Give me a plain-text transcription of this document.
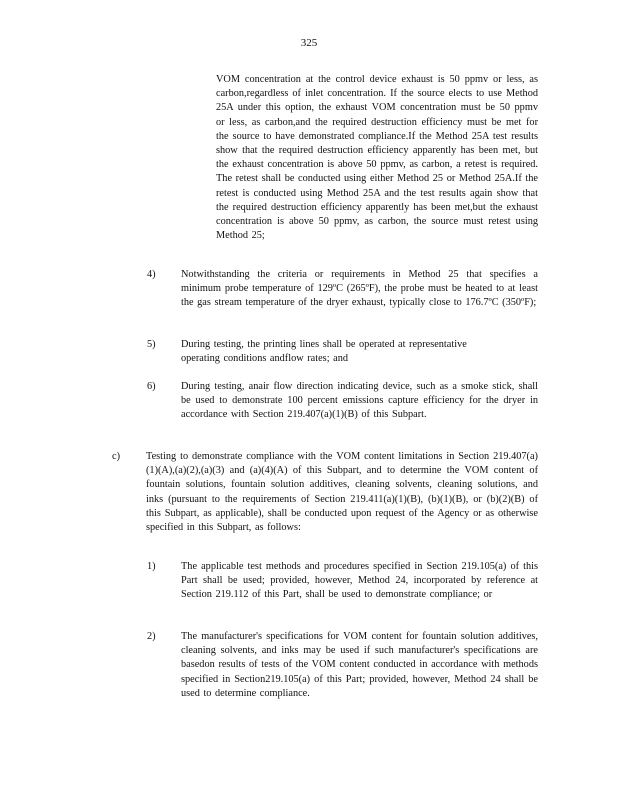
325
VOM concentration at the control device exhaust is 50 ppmv or less, as carbon,regardless of inlet concentration. If the source elects to use Method 25A under this option, the exhaust VOM concentration must be 50 ppmv or less, as carbon,and the required destruction efficiency must be met for the source to have demonstrated compliance.If the Method 25A test results show that the required destruction efficiency apparently has been met, but the exhaust concentration is above 50 ppmv, as carbon, a retest is required. The retest shall be conducted using either Method 25 or Method 25A.If the retest is conducted using Method 25A and the test results again show that the required destruction efficiency apparently has been met,but the exhaust concentration is above 50 ppmv, as carbon, the source must retest using Method 25;
4) Notwithstanding the criteria or requirements in Method 25 that specifies a minimum probe temperature of 129ºC (265ºF), the probe must be heated to at least the gas stream temperature of the dryer exhaust, typically close to 176.7ºC (350ºF);
5) During testing, the printing lines shall be operated at representative operating conditions andflow rates; and
6) During testing, anair flow direction indicating device, such as a smoke stick, shall be used to demonstrate 100 percent emissions capture efficiency for the dryer in accordance with Section 219.407(a)(1)(B) of this Subpart.
c)	Testing to demonstrate compliance with the VOM content limitations in Section 219.407(a)(1)(A),(a)(2),(a)(3) and (a)(4)(A) of this Subpart, and to determine the VOM content of fountain solutions, fountain solution additives, cleaning solvents, cleaning solutions, and inks (pursuant to the requirements of Section 219.411(a)(1)(B), (b)(1)(B), or (b)(2)(B) of this Subpart, as applicable), shall be conducted upon request of the Agency or as otherwise specified in this Subpart, as follows:
1) The applicable test methods and procedures specified in Section 219.105(a) of this Part shall be used; provided, however, Method 24, incorporated by reference at Section 219.112 of this Part, shall be used to demonstrate compliance; or
2) The manufacturer's specifications for VOM content for fountain solution additives, cleaning solvents, and inks may be used if such manufacturer's specifications are basedon results of tests of the VOM content conducted in accordance with methods specified in Section219.105(a) of this Part; provided, however, Method 24 shall be used to determine compliance.
